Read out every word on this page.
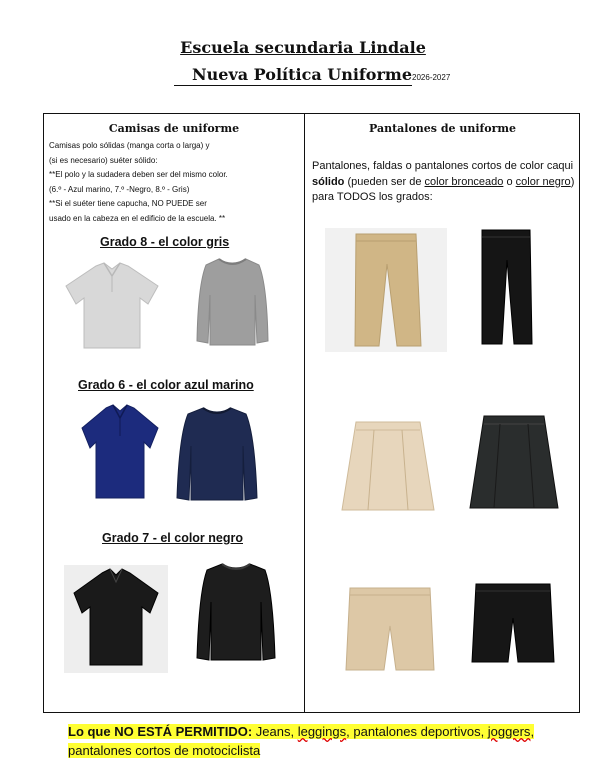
Escuela secundaria Lindale
Nueva Política Uniforme2026-2027
Camisas de uniforme	Pantalones de uniforme
Camisas polo sólidas (manga corta o larga) y
(si es necesario) suéter sólido:
**El polo y la sudadera deben ser del mismo color.
(6.º - Azul marino, 7.º -Negro, 8.º - Gris)
**Si el suéter tiene capucha, NO PUEDE ser
usado en la cabeza en el edificio de la escuela. **
Pantalones, faldas o pantalones cortos de color caqui sólido (pueden ser de color bronceado o color negro) para TODOS los grados:
Grado 8 - el color gris
Grado 6 - el color azul marino
Grado 7 - el color negro
Lo que NO ESTÁ PERMITIDO: Jeans, leggings, pantalones deportivos, joggers, pantalones cortos de motociclista
